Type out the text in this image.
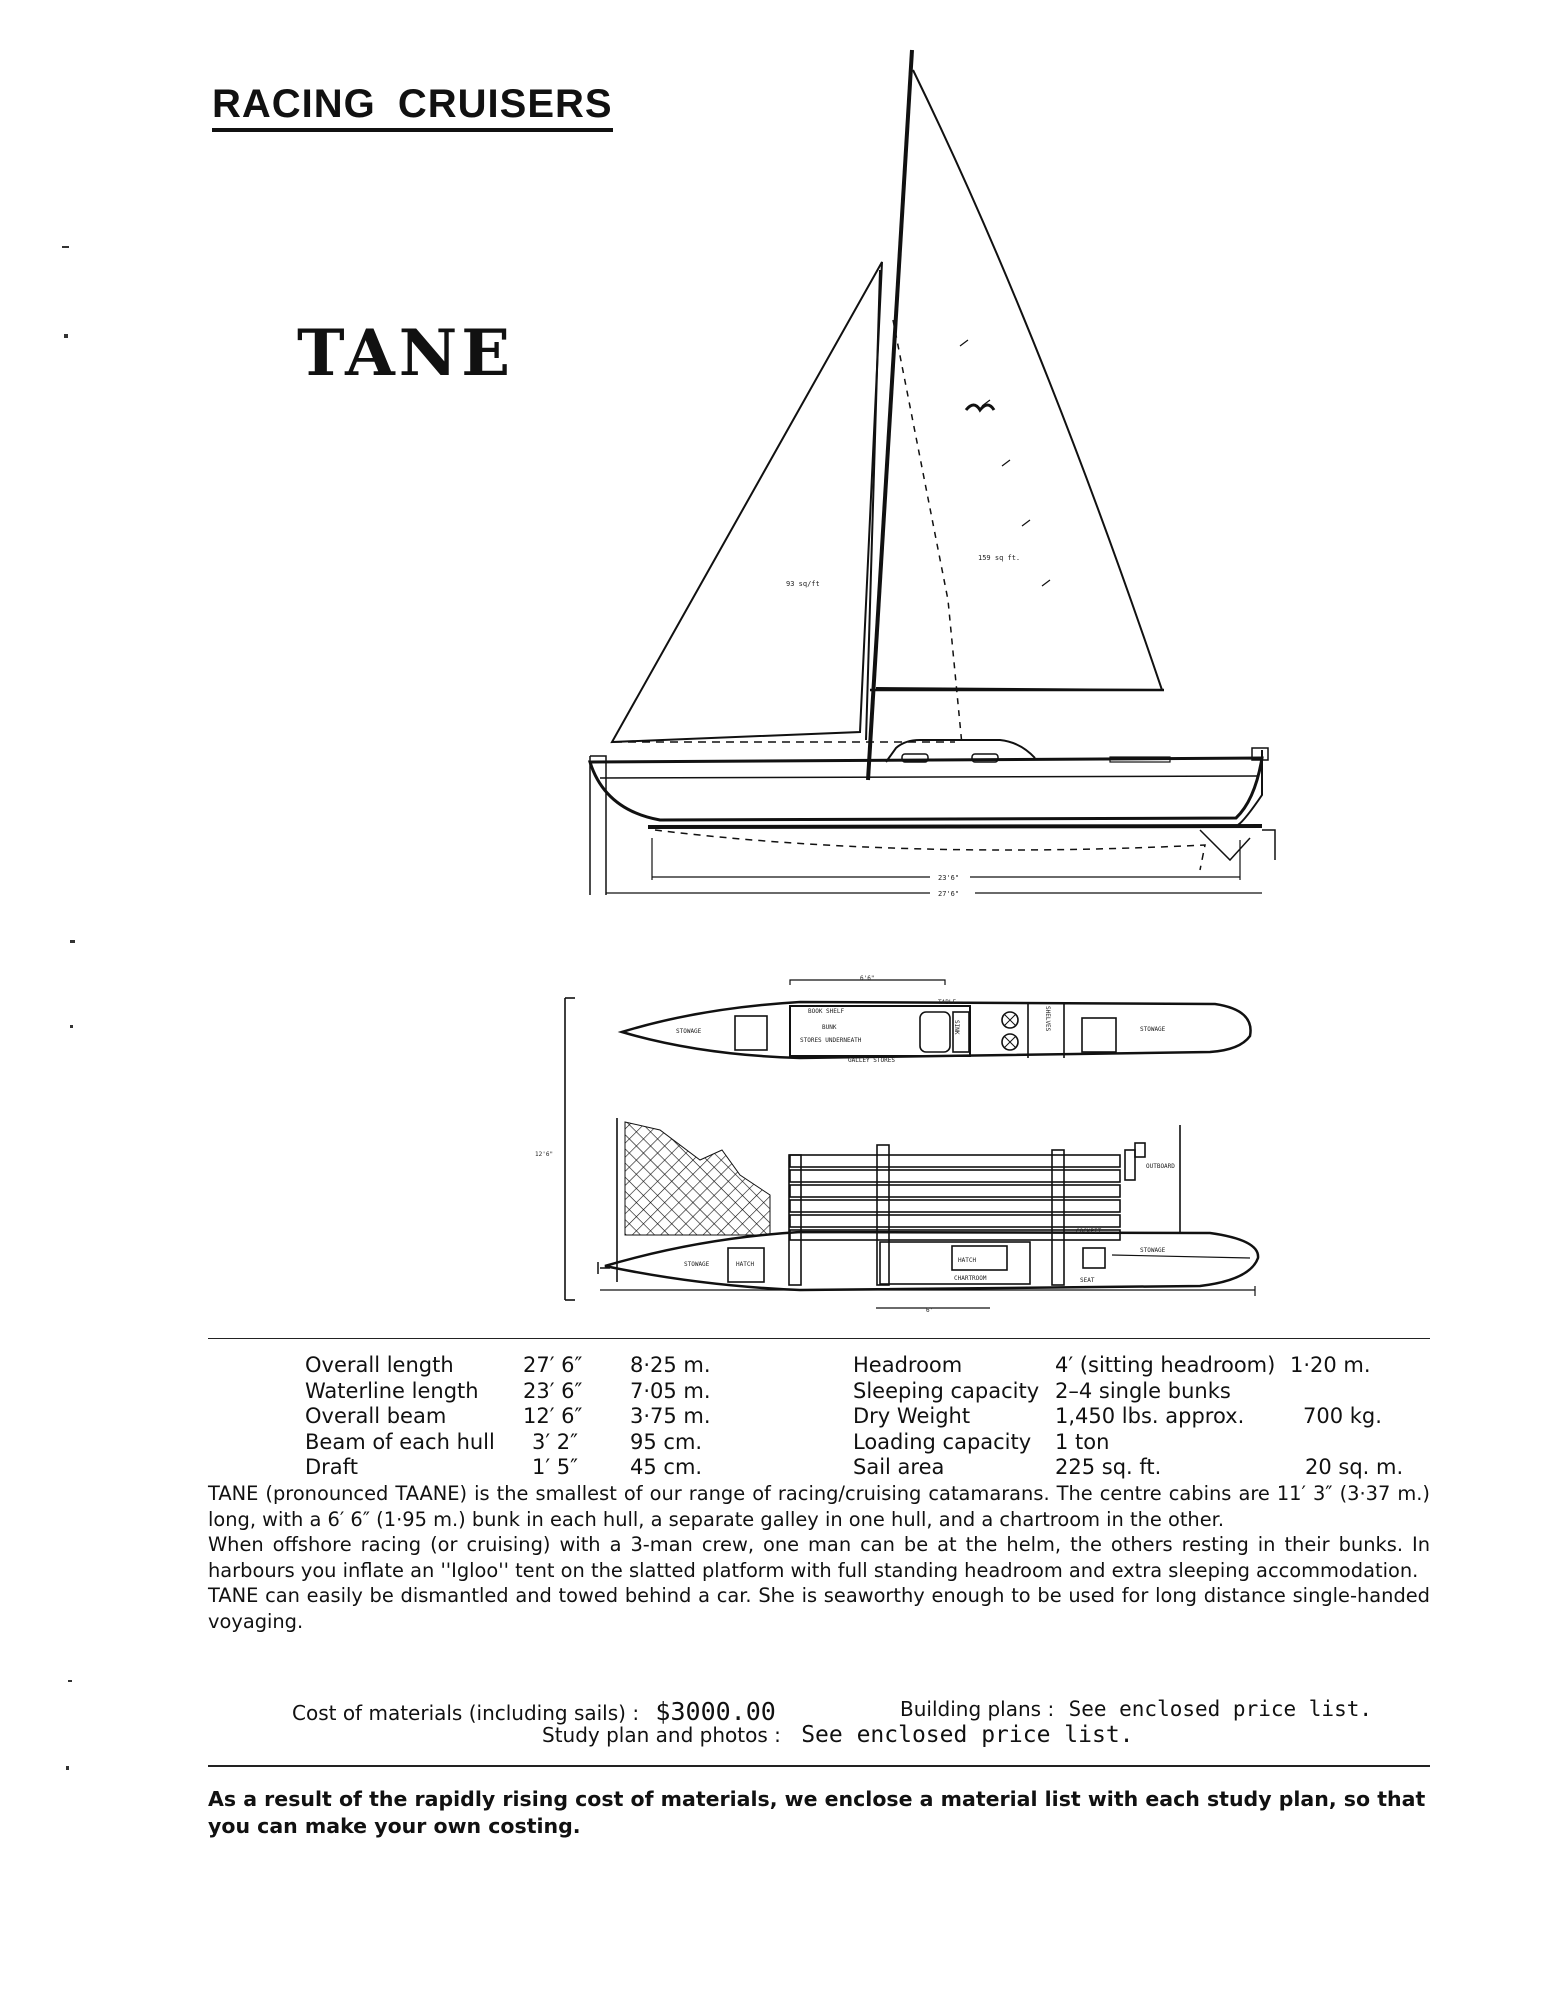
RACING CRUISERS
TANE
93 sq/ft
159 sq ft.
23'6"
27'6"
BOOK SHELF
TABLE
BUNK
STORES UNDERNEATH
GALLEY STORES
STOWAGE	STOWAGE
SHELVES
SINK
OUTBOARD
COCKPIT
STOWAGE
STOWAGE	HATCH
HATCH
CHARTROOM	SEAT
6'6"
12'6"
6'
Overall length	27′ 6″ 8·25 m.
Waterline length 23′ 6″ 7·05 m.
Overall beam	12′ 6″ 3·75 m.
Beam of each hull 3′ 2″ 95 cm.
Draft	1′ 5″ 45 cm.
Headroom	4′ (sitting headroom) 1·20 m.
Sleeping capacity 2–4 single bunks
Dry Weight	1,450 lbs. approx.	700 kg.
Loading capacity 1 ton
Sail area	225 sq. ft.	20 sq. m.

TANE (pronounced TAANE) is the smallest of our range of racing/cruising catamarans. The centre cabins are 11′ 3″ (3·37 m.) long, with a 6′ 6″ (1·95 m.) bunk in each hull, a separate galley in one hull, and a chartroom in the other.

When offshore racing (or cruising) with a 3-man crew, one man can be at the helm, the others resting in their bunks. In harbours you inflate an ''Igloo'' tent on the slatted platform with full standing headroom and extra sleeping accommodation.

TANE can easily be dismantled and towed behind a car. She is seaworthy enough to be used for long distance single-handed voyaging.

Cost of materials (including sails) : $3000.00	Building plans : See enclosed price list.
Study plan and photos : See enclosed price list.

As a result of the rapidly rising cost of materials, we enclose a material list with each study plan, so that you can make your own costing.
